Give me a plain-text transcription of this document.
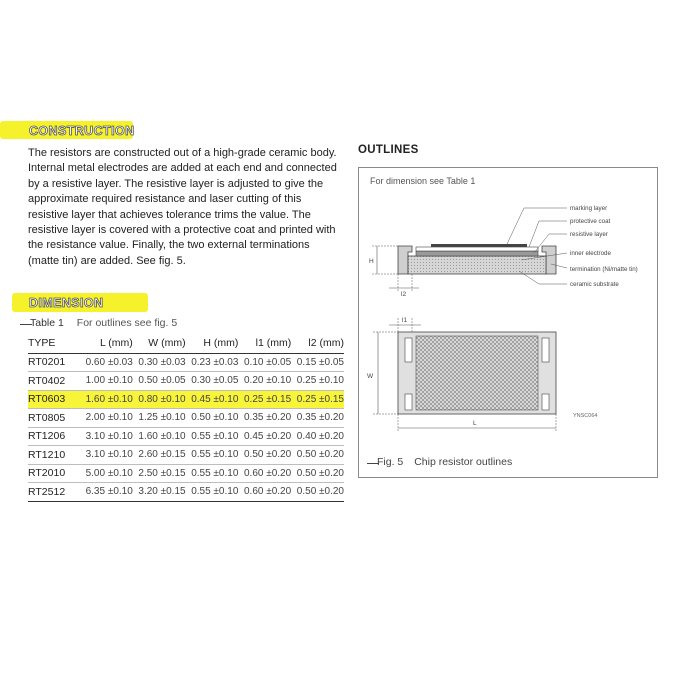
CONSTRUCTION
The resistors are constructed out of a high-grade ceramic body. Internal metal electrodes are added at each end and connected by a resistive layer. The resistive layer is adjusted to give the approximate required resistance and laser cutting of this resistive layer that achieves tolerance trims the value. The resistive layer is covered with a protective coat and printed with the resistance value. Finally, the two external terminations (matte tin) are added. See fig. 5.
DIMENSION
Table 1 For outlines see fig. 5
TYPE	L (mm)	W (mm)	H (mm)	l1 (mm)	l2 (mm)
RT0201	0.60 ±0.03	0.30 ±0.03	0.23 ±0.03	0.10 ±0.05	0.15 ±0.05
RT0402	1.00 ±0.10	0.50 ±0.05	0.30 ±0.05	0.20 ±0.10	0.25 ±0.10
RT0603	1.60 ±0.10	0.80 ±0.10	0.45 ±0.10	0.25 ±0.15	0.25 ±0.15
RT0805	2.00 ±0.10	1.25 ±0.10	0.50 ±0.10	0.35 ±0.20	0.35 ±0.20
RT1206	3.10 ±0.10	1.60 ±0.10	0.55 ±0.10	0.45 ±0.20	0.40 ±0.20
RT1210	3.10 ±0.10	2.60 ±0.15	0.55 ±0.10	0.50 ±0.20	0.50 ±0.20
RT2010	5.00 ±0.10	2.50 ±0.15	0.55 ±0.10	0.60 ±0.20	0.50 ±0.20
RT2512	6.35 ±0.10	3.20 ±0.15	0.55 ±0.10	0.60 ±0.20	0.50 ±0.20
OUTLINES
For dimension see Table 1
H
l2
marking layer
protective coat
resistive layer
inner electrode
termination (Ni/matte tin)
ceramic substrate
l1
W
L
YNSC064
Fig. 5 Chip resistor outlines
